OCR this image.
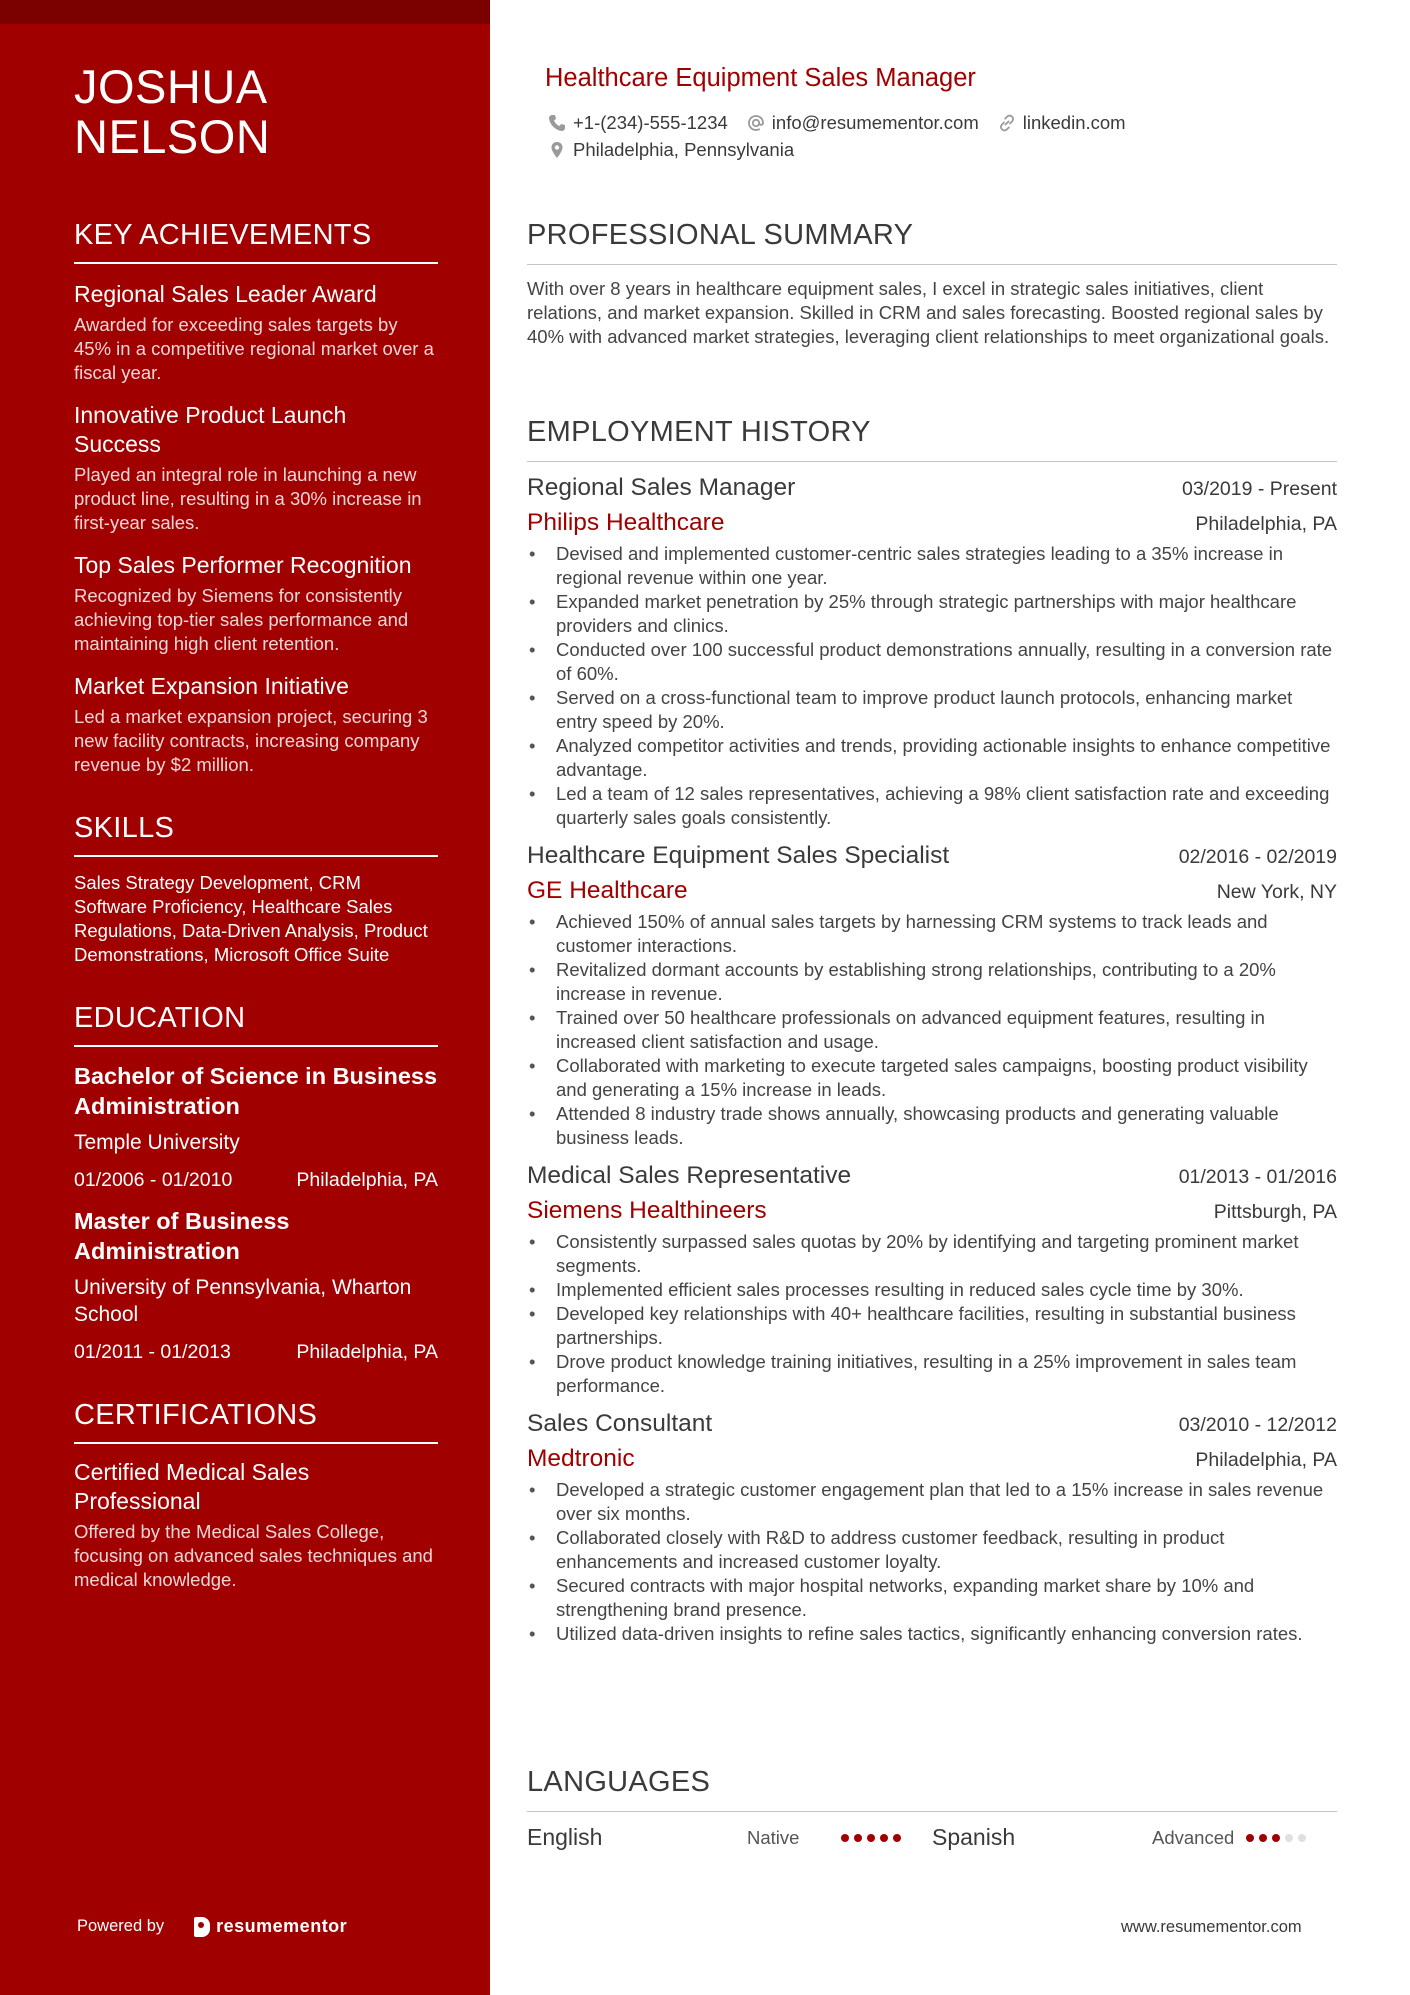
JOSHUA
NELSON
KEY ACHIEVEMENTS
Regional Sales Leader Award
Awarded for exceeding sales targets by 45% in a competitive regional market over a fiscal year.
Innovative Product Launch Success
Played an integral role in launching a new product line, resulting in a 30% increase in first-year sales.
Top Sales Performer Recognition
Recognized by Siemens for consistently achieving top-tier sales performance and maintaining high client retention.
Market Expansion Initiative
Led a market expansion project, securing 3 new facility contracts, increasing company revenue by $2 million.
SKILLS
Sales Strategy Development, CRM Software Proficiency, Healthcare Sales Regulations, Data-Driven Analysis, Product Demonstrations, Microsoft Office Suite
EDUCATION
Bachelor of Science in Business Administration
Temple University
01/2006 - 01/2010	Philadelphia, PA
Master of Business Administration
University of Pennsylvania, Wharton School
01/2011 - 01/2013	Philadelphia, PA
CERTIFICATIONS
Certified Medical Sales Professional
Offered by the Medical Sales College, focusing on advanced sales techniques and medical knowledge.
Powered by	resumementor
Healthcare Equipment Sales Manager
+1-(234)-555-1234 info@resumementor.com linkedin.com
Philadelphia, Pennsylvania
PROFESSIONAL SUMMARY
With over 8 years in healthcare equipment sales, I excel in strategic sales initiatives, client relations, and market expansion. Skilled in CRM and sales forecasting. Boosted regional sales by 40% with advanced market strategies, leveraging client relationships to meet organizational goals.
EMPLOYMENT HISTORY
Regional Sales Manager	03/2019 - Present
Philips Healthcare	Philadelphia, PA
• Devised and implemented customer-centric sales strategies leading to a 35% increase in regional revenue within one year.
• Expanded market penetration by 25% through strategic partnerships with major healthcare providers and clinics.
• Conducted over 100 successful product demonstrations annually, resulting in a conversion rate of 60%.
• Served on a cross-functional team to improve product launch protocols, enhancing market entry speed by 20%.
• Analyzed competitor activities and trends, providing actionable insights to enhance competitive advantage.
• Led a team of 12 sales representatives, achieving a 98% client satisfaction rate and exceeding quarterly sales goals consistently.
Healthcare Equipment Sales Specialist	02/2016 - 02/2019
GE Healthcare	New York, NY
• Achieved 150% of annual sales targets by harnessing CRM systems to track leads and customer interactions.
• Revitalized dormant accounts by establishing strong relationships, contributing to a 20% increase in revenue.
• Trained over 50 healthcare professionals on advanced equipment features, resulting in increased client satisfaction and usage.
• Collaborated with marketing to execute targeted sales campaigns, boosting product visibility and generating a 15% increase in leads.
• Attended 8 industry trade shows annually, showcasing products and generating valuable business leads.
Medical Sales Representative	01/2013 - 01/2016
Siemens Healthineers	Pittsburgh, PA
• Consistently surpassed sales quotas by 20% by identifying and targeting prominent market segments.
• Implemented efficient sales processes resulting in reduced sales cycle time by 30%.
• Developed key relationships with 40+ healthcare facilities, resulting in substantial business partnerships.
• Drove product knowledge training initiatives, resulting in a 25% improvement in sales team performance.
Sales Consultant	03/2010 - 12/2012
Medtronic	Philadelphia, PA
• Developed a strategic customer engagement plan that led to a 15% increase in sales revenue over six months.
• Collaborated closely with R&D to address customer feedback, resulting in product enhancements and increased customer loyalty.
• Secured contracts with major hospital networks, expanding market share by 10% and strengthening brand presence.
• Utilized data-driven insights to refine sales tactics, significantly enhancing conversion rates.
LANGUAGES
English	Native	Spanish	Advanced
www.resumementor.com
